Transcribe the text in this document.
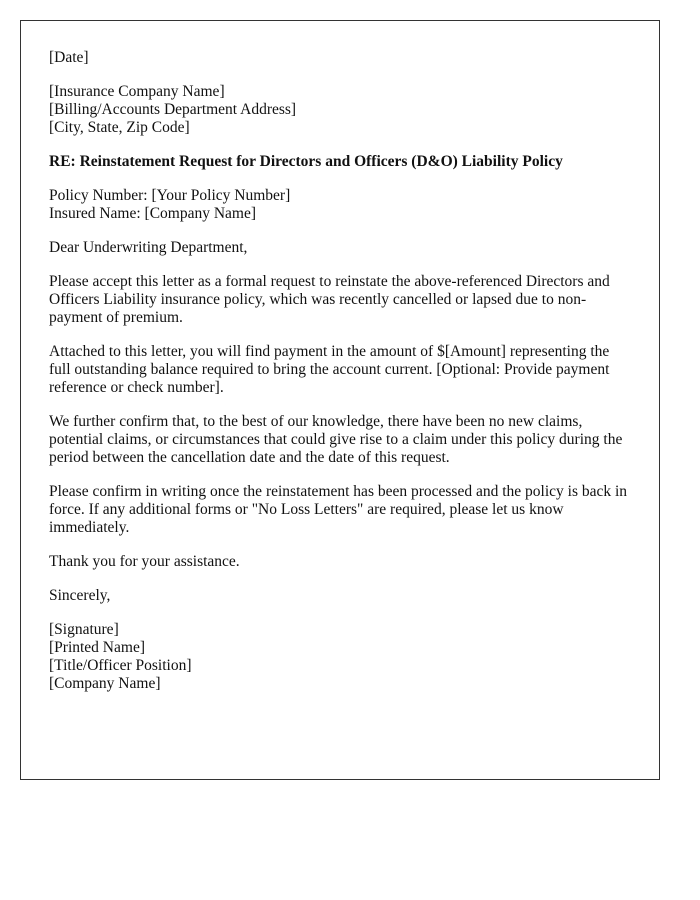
[Date]
[Insurance Company Name]
[Billing/Accounts Department Address]
[City, State, Zip Code]
RE: Reinstatement Request for Directors and Officers (D&O) Liability Policy
Policy Number: [Your Policy Number]
Insured Name: [Company Name]
Dear Underwriting Department,

Please accept this letter as a formal request to reinstate the above-referenced Directors and Officers Liability insurance policy, which was recently cancelled or lapsed due to non-payment of premium.

Attached to this letter, you will find payment in the amount of $[Amount] representing the full outstanding balance required to bring the account current. [Optional: Provide payment reference or check number].

We further confirm that, to the best of our knowledge, there have been no new claims, potential claims, or circumstances that could give rise to a claim under this policy during the period between the cancellation date and the date of this request.

Please confirm in writing once the reinstatement has been processed and the policy is back in force. If any additional forms or "No Loss Letters" are required, please let us know immediately.

Thank you for your assistance.
Sincerely,
[Signature]
[Printed Name]
[Title/Officer Position]
[Company Name]
